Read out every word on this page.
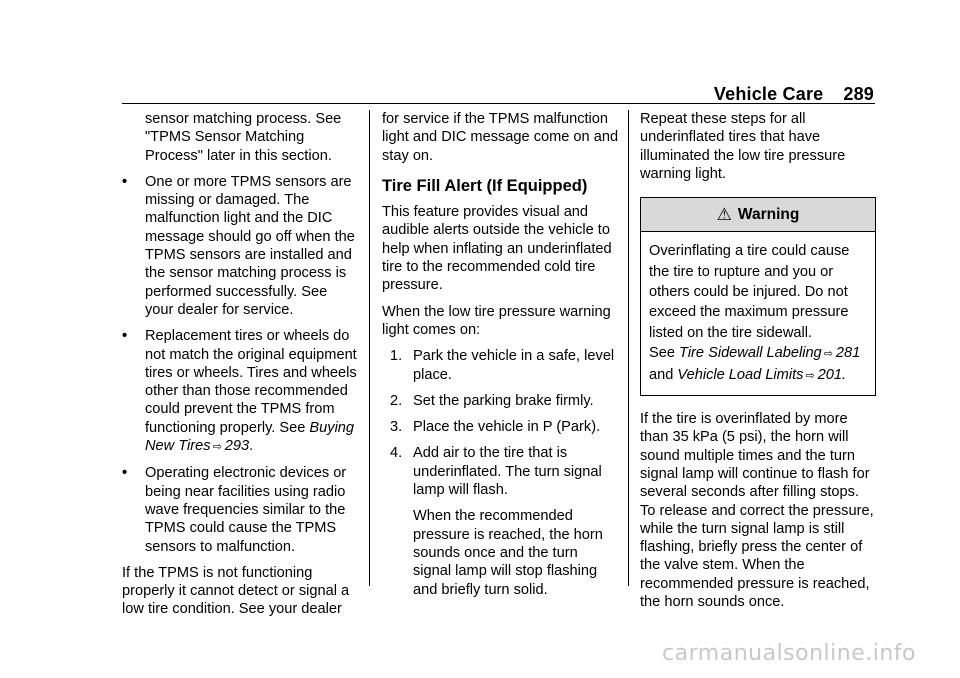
Vehicle Care 289

sensor matching process. See "TPMS Sensor Matching Process" later in this section.

• One or more TPMS sensors are missing or damaged. The malfunction light and the DIC message should go off when the TPMS sensors are installed and the sensor matching process is performed successfully. See your dealer for service.
• Replacement tires or wheels do not match the original equipment tires or wheels. Tires and wheels other than those recommended could prevent the TPMS from functioning properly. See Buying New Tires ⇨ 293.
• Operating electronic devices or being near facilities using radio wave frequencies similar to the TPMS could cause the TPMS sensors to malfunction.

If the TPMS is not functioning properly it cannot detect or signal a low tire condition. See your dealer

for service if the TPMS malfunction light and DIC message come on and stay on.

Tire Fill Alert (If Equipped)

This feature provides visual and audible alerts outside the vehicle to help when inflating an underinflated tire to the recommended cold tire pressure.

When the low tire pressure warning light comes on:

1. Park the vehicle in a safe, level place.
2. Set the parking brake firmly.
3. Place the vehicle in P (Park).
4. Add air to the tire that is underinflated. The turn signal lamp will flash.

When the recommended pressure is reached, the horn sounds once and the turn signal lamp will stop flashing and briefly turn solid.

Repeat these steps for all underinflated tires that have illuminated the low tire pressure warning light.

⚠ Warning
Overinflating a tire could cause the tire to rupture and you or others could be injured. Do not exceed the maximum pressure listed on the tire sidewall.
See Tire Sidewall Labeling ⇨ 281
and Vehicle Load Limits ⇨ 201.

If the tire is overinflated by more than 35 kPa (5 psi), the horn will sound multiple times and the turn signal lamp will continue to flash for several seconds after filling stops. To release and correct the pressure, while the turn signal lamp is still flashing, briefly press the center of the valve stem. When the recommended pressure is reached, the horn sounds once.

carmanualsonline.info
